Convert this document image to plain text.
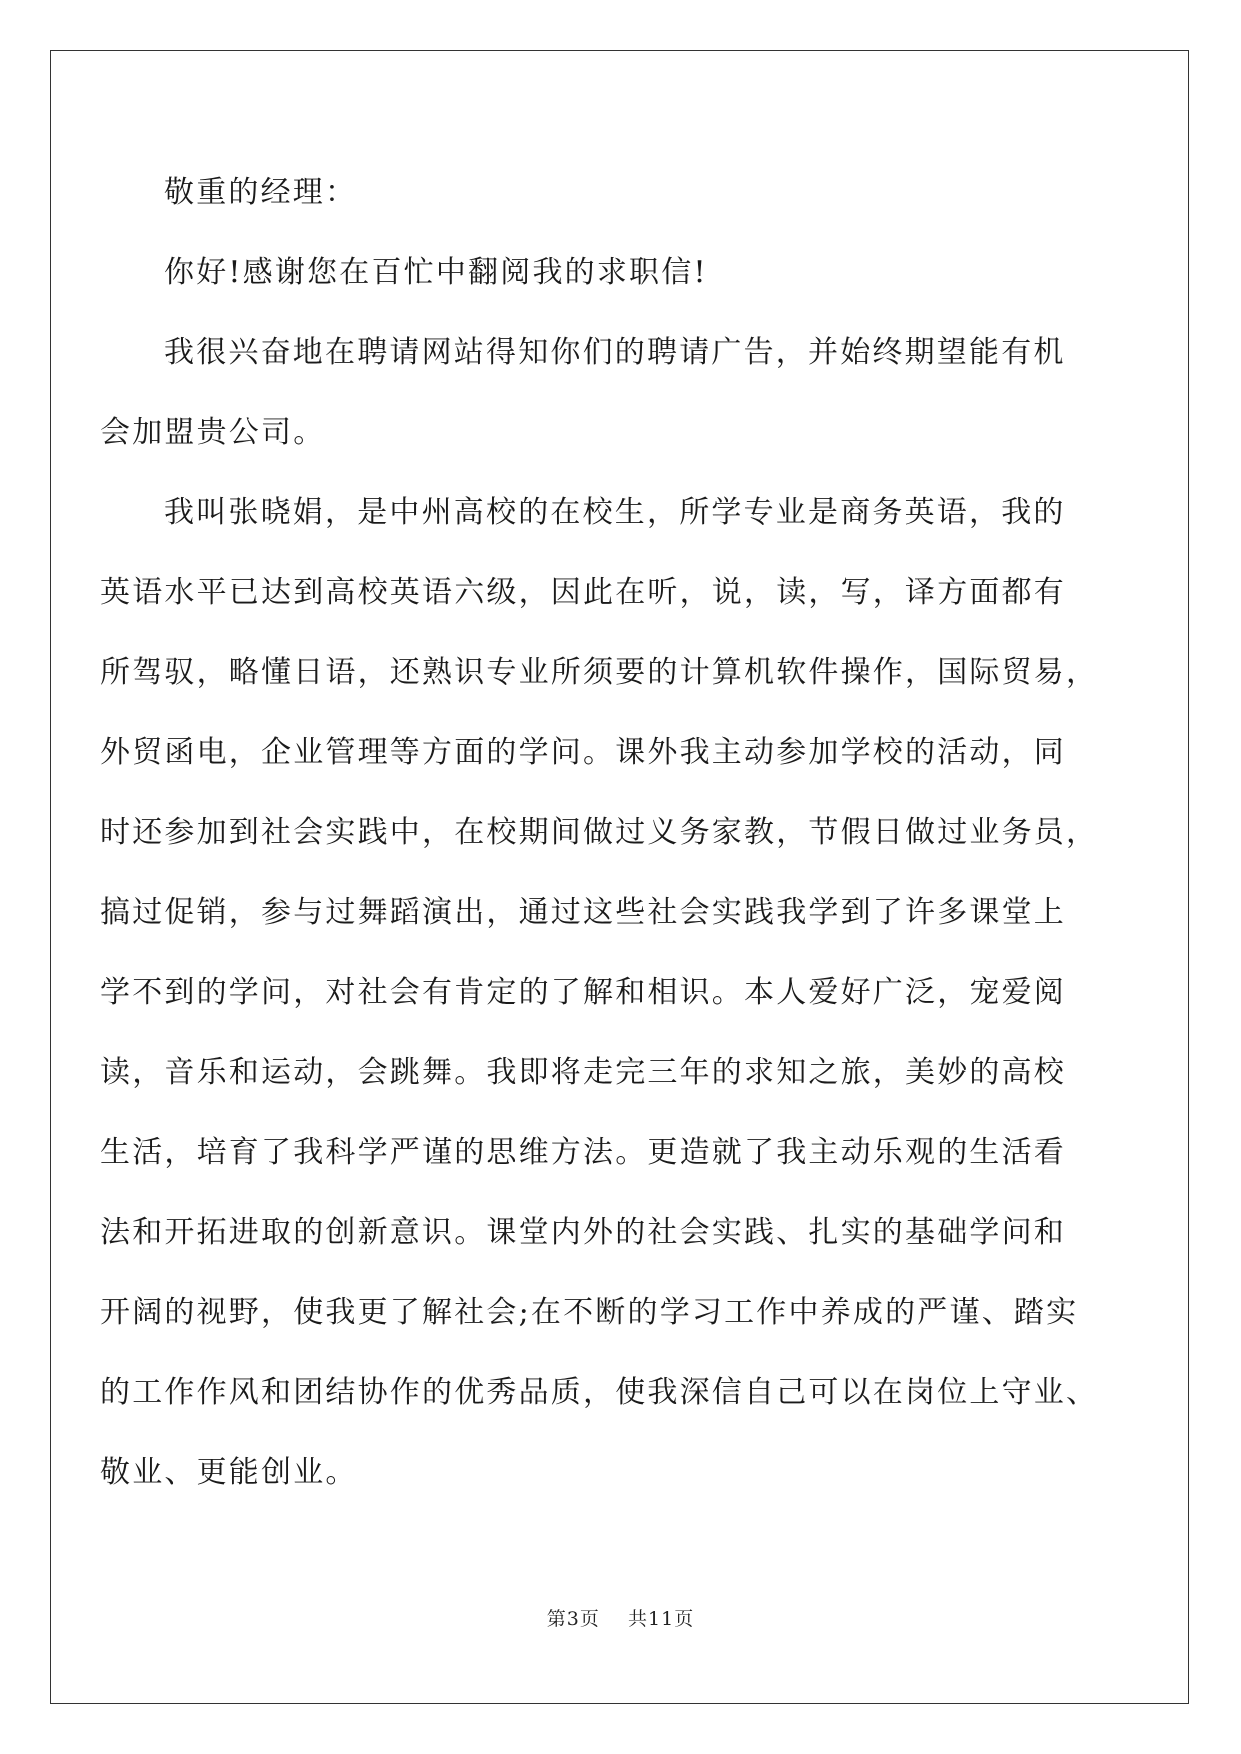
敬重的经理：
你好!感谢您在百忙中翻阅我的求职信!
我很兴奋地在聘请网站得知你们的聘请广告，并始终期望能有机
会加盟贵公司。
我叫张晓娟，是中州高校的在校生，所学专业是商务英语，我的
英语水平已达到高校英语六级，因此在听，说，读，写，译方面都有
所驾驭，略懂日语，还熟识专业所须要的计算机软件操作，国际贸易，
外贸函电，企业管理等方面的学问。课外我主动参加学校的活动，同
时还参加到社会实践中，在校期间做过义务家教，节假日做过业务员，
搞过促销，参与过舞蹈演出，通过这些社会实践我学到了许多课堂上
学不到的学问，对社会有肯定的了解和相识。本人爱好广泛，宠爱阅
读，音乐和运动，会跳舞。我即将走完三年的求知之旅，美妙的高校
生活，培育了我科学严谨的思维方法。更造就了我主动乐观的生活看
法和开拓进取的创新意识。课堂内外的社会实践、扎实的基础学问和
开阔的视野，使我更了解社会;在不断的学习工作中养成的严谨、踏实
的工作作风和团结协作的优秀品质，使我深信自己可以在岗位上守业、
敬业、更能创业。
第3页    共11页
